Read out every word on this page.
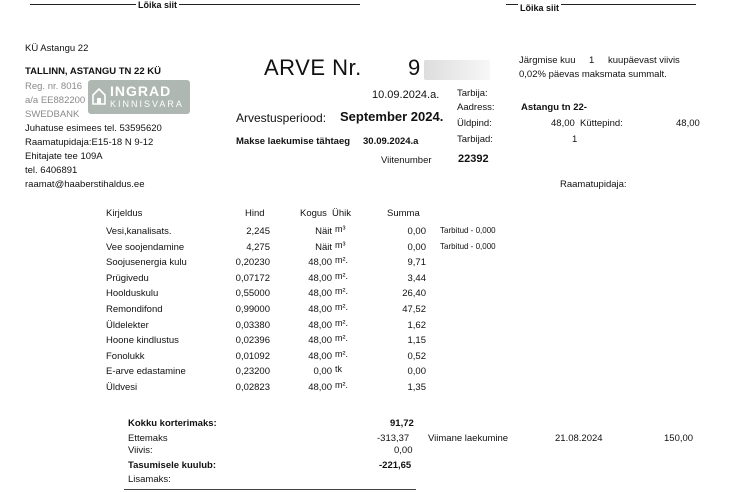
Lõika siit	Lõika siit
KÜ Astangu 22
TALLINN, ASTANGU TN 22 KÜ
Reg. nr. 8016
a/a EE882200
SWEDBANK
Juhatuse esimees tel. 53595620
Raamatupidaja:E15-18 N 9-12
Ehitajate tee 109A
tel. 6406891
raamat@haaberstihaldus.ee
INGRAD
KINNISVARA
ARVE Nr. 9
10.09.2024.a.
Arvestusperiood: September 2024.
Makse laekumise tähtaeg 30.09.2024.a
Viitenumber 22392
Järgmise kuu 1 kuupäevast viivis
0,02% päevas maksmata summalt.
Tarbija:
Aadress:	Astangu tn 22-
Üldpind:	48,00 Küttepind:	48,00
Tarbijad:	1
Raamatupidaja:
Kirjeldus	Hind	Kogus Ühik	Summa
Vesi,kanalisats.	2,245	Näit m³	0,00 Tarbitud - 0,000
Vee soojendamine	4,275	Näit m³	0,00 Tarbitud - 0,000
Soojusenergia kulu	0,20230	48,00 m².	9,71
Prügivedu	0,07172	48,00 m².	3,44
Hoolduskulu	0,55000	48,00 m².	26,40
Remondifond	0,99000	48,00 m².	47,52
Üldelekter	0,03380	48,00 m².	1,62
Hoone kindlustus	0,02396	48,00 m².	1,15
Fonolukk	0,01092	48,00 m².	0,52
E-arve edastamine	0,23200	0,00 tk	0,00
Üldvesi	0,02823	48,00 m².	1,35
Kokku korterimaks:	91,72
Ettemaks	-313,37
Viivis:	0,00
Tasumisele kuulub:	-221,65
Lisamaks:
Viimane laekumine	21.08.2024	150,00
